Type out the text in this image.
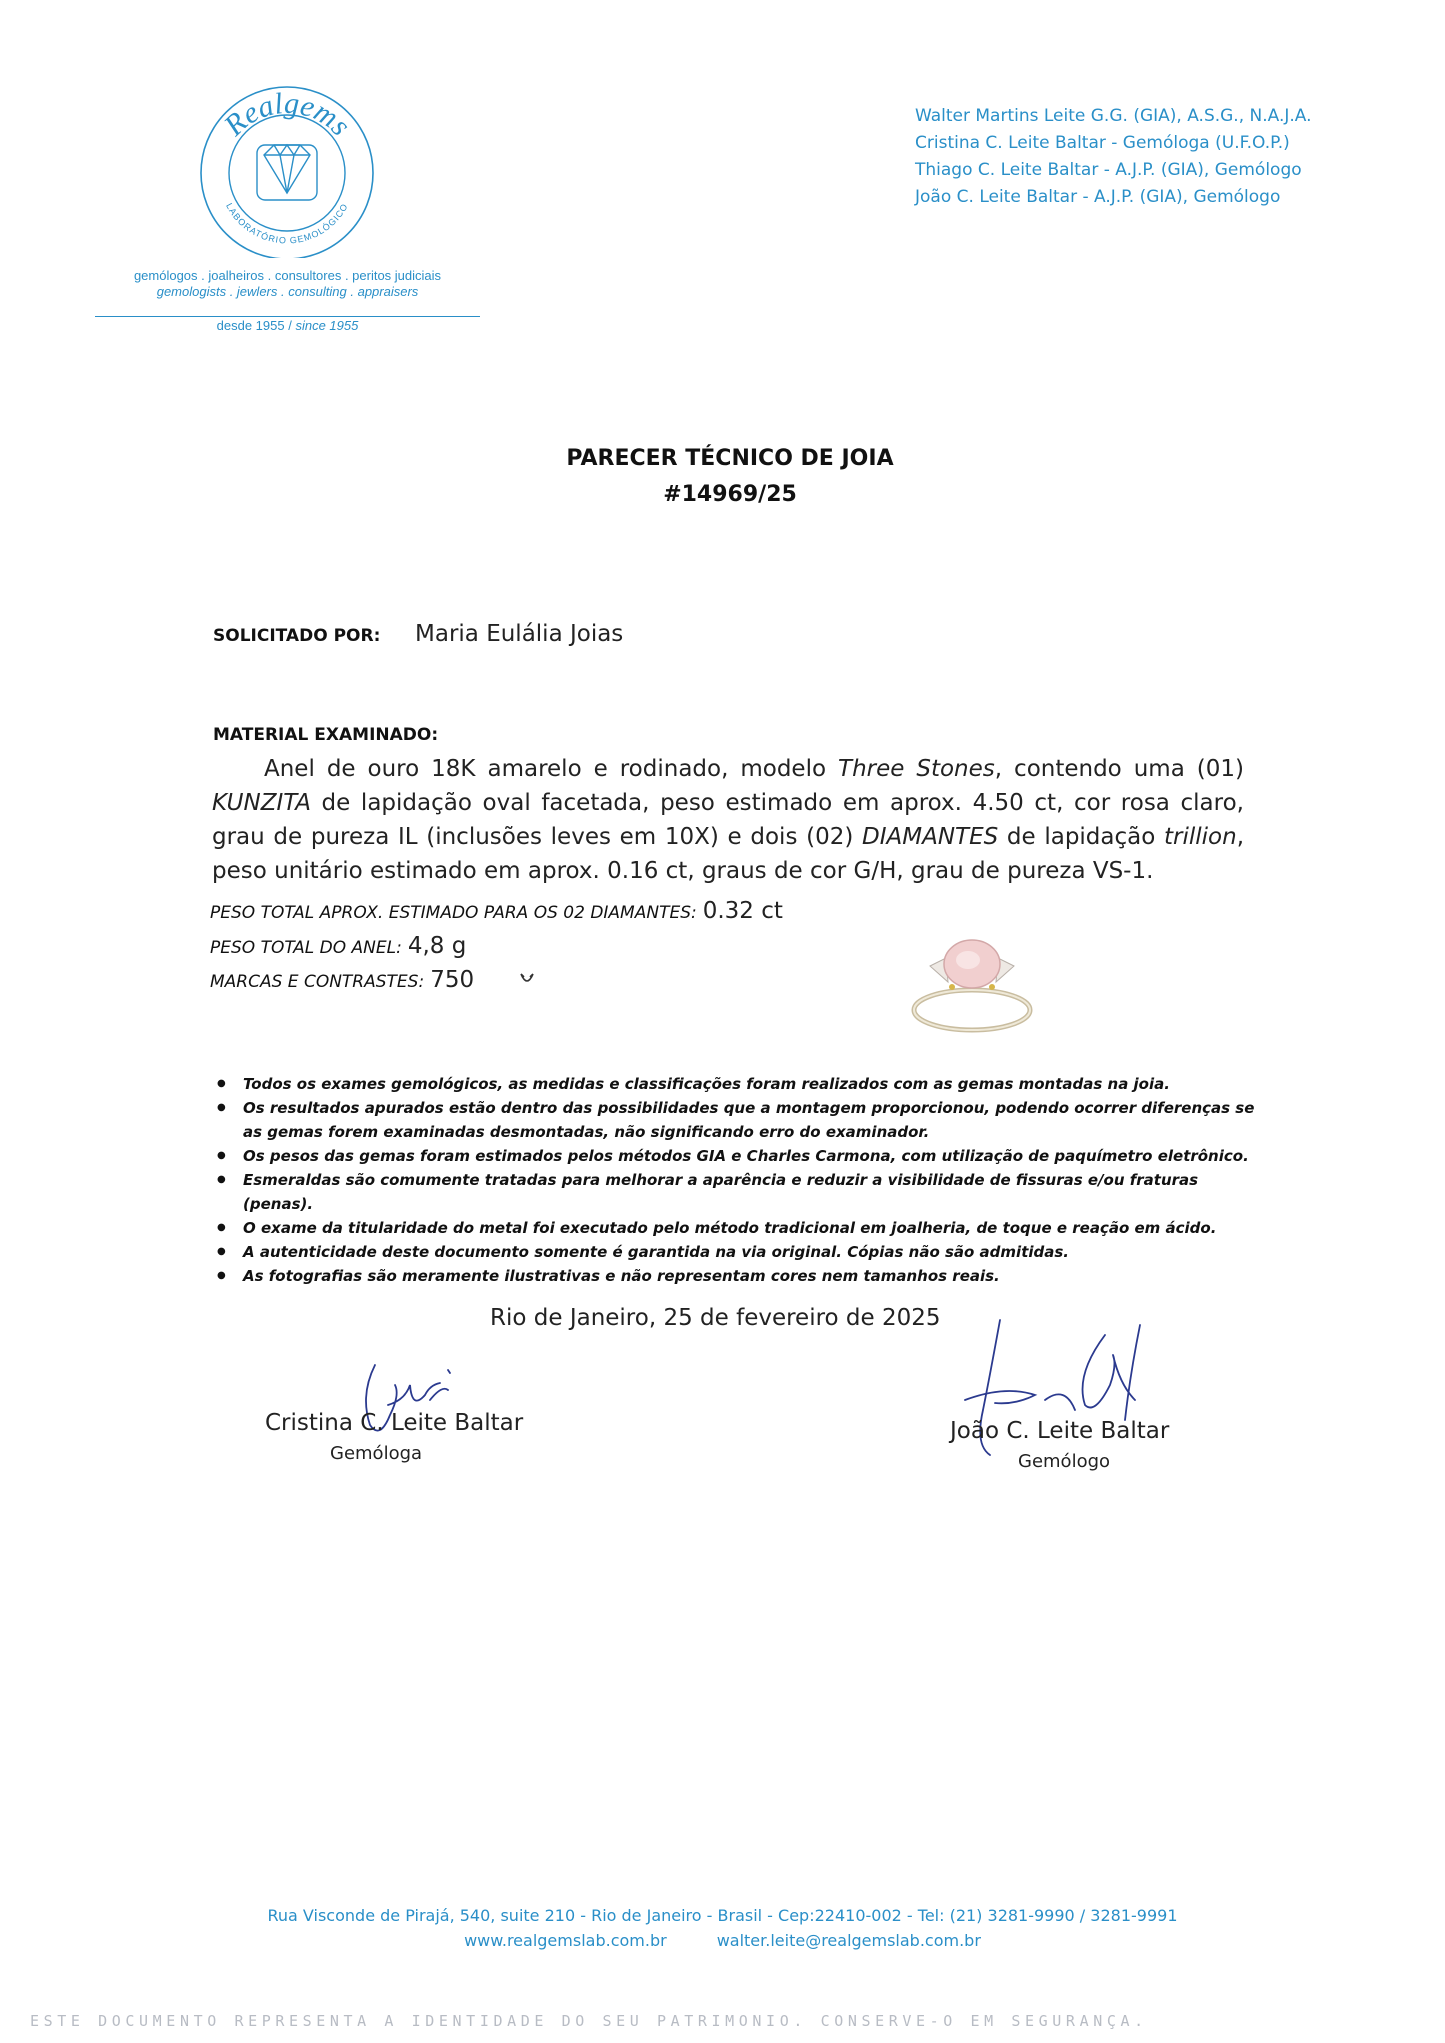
Realgems
LABORATÓRIO GEMOLÓGICO
gemólogos . joalheiros . consultores . peritos judiciais
gemologists . jewlers . consulting . appraisers
desde 1955 / since 1955
Walter Martins Leite G.G. (GIA), A.S.G., N.A.J.A.
Cristina C. Leite Baltar - Gemóloga (U.F.O.P.)
Thiago C. Leite Baltar - A.J.P. (GIA), Gemólogo
João C. Leite Baltar - A.J.P. (GIA), Gemólogo
PARECER TÉCNICO DE JOIA
#14969/25
SOLICITADO POR: Maria Eulália Joias
MATERIAL EXAMINADO:
Anel de ouro 18K amarelo e rodinado, modelo Three Stones, contendo uma (01) KUNZITA de lapidação oval facetada, peso estimado em aprox. 4.50 ct, cor rosa claro, grau de pureza IL (inclusões leves em 10X) e dois (02) DIAMANTES de lapidação trillion, peso unitário estimado em aprox. 0.16 ct, graus de cor G/H, grau de pureza VS-1.
PESO TOTAL APROX. ESTIMADO PARA OS 02 DIAMANTES: 0.32 ct
PESO TOTAL DO ANEL: 4,8 g
MARCAS E CONTRASTES: 750
● Todos os exames gemológicos, as medidas e classificações foram realizados com as gemas montadas na joia.
● Os resultados apurados estão dentro das possibilidades que a montagem proporcionou, podendo ocorrer diferenças se as gemas forem examinadas desmontadas, não significando erro do examinador.
● Os pesos das gemas foram estimados pelos métodos GIA e Charles Carmona, com utilização de paquímetro eletrônico.
● Esmeraldas são comumente tratadas para melhorar a aparência e reduzir a visibilidade de fissuras e/ou fraturas (penas).
● O exame da titularidade do metal foi executado pelo método tradicional em joalheria, de toque e reação em ácido.
● A autenticidade deste documento somente é garantida na via original. Cópias não são admitidas.
● As fotografias são meramente ilustrativas e não representam cores nem tamanhos reais.
Rio de Janeiro, 25 de fevereiro de 2025
Cristina C. Leite Baltar
Gemóloga
João C. Leite Baltar
Gemólogo
Rua Visconde de Pirajá, 540, suite 210 - Rio de Janeiro - Brasil - Cep:22410-002 - Tel: (21) 3281-9990 / 3281-9991
www.realgemslab.com.br	walter.leite@realgemslab.com.br
ESTE DOCUMENTO REPRESENTA A IDENTIDADE DO SEU PATRIMONIO. CONSERVE-O EM SEGURANÇA.
